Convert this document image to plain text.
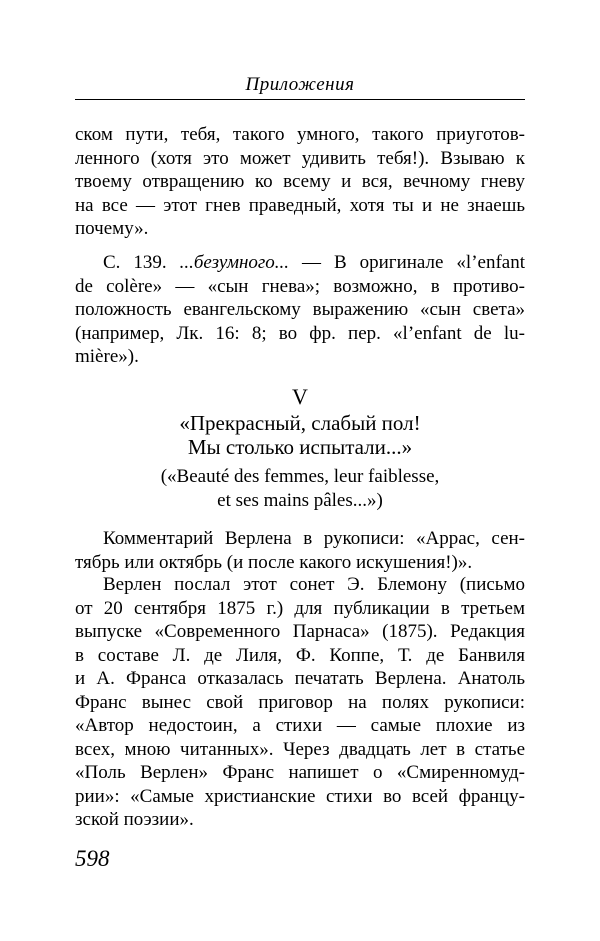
Приложения
ском пути, тебя, такого умного, такого приуготов-
ленного (хотя это может удивить тебя!). Взываю к
твоему отвращению ко всему и вся, вечному гневу
на все — этот гнев праведный, хотя ты и не знаешь
почему».
С. 139. ...безумного... — В оригинале «l’enfant
de colère» — «сын гнева»; возможно, в противо-
положность евангельскому выражению «сын света»
(например, Лк. 16: 8; во фр. пер. «l’enfant de lu-
mière»).
V
«Прекрасный, слабый пол!
Мы столько испытали...»
(«Beauté des femmes, leur faiblesse,
et ses mains pâles...»)
Комментарий Верлена в рукописи: «Аррас, сен-
тябрь или октябрь (и после какого искушения!)».
Верлен послал этот сонет Э. Блемону (письмо
от 20 сентября 1875 г.) для публикации в третьем
выпуске «Современного Парнаса» (1875). Редакция
в составе Л. де Лиля, Ф. Коппе, Т. де Банвиля
и А. Франса отказалась печатать Верлена. Анатоль
Франс вынес свой приговор на полях рукописи:
«Автор недостоин, а стихи — самые плохие из
всех, мною читанных». Через двадцать лет в статье
«Поль Верлен» Франс напишет о «Смиренномуд-
рии»: «Самые христианские стихи во всей францу-
зской поэзии».
598
